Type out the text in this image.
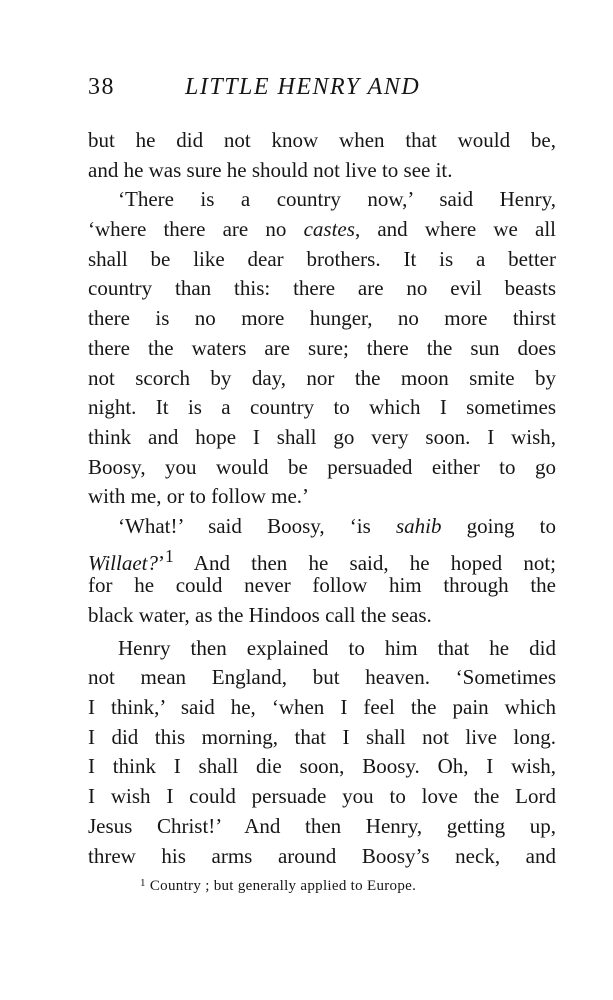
38	LITTLE HENRY AND
but he did not know when that would be,
and he was sure he should not live to see it.
‘There is a country now,’ said Henry,
‘where there are no castes, and where we all
shall be like dear brothers. It is a better
country than this: there are no evil beasts
there is no more hunger, no more thirst
there the waters are sure; there the sun does
not scorch by day, nor the moon smite by
night. It is a country to which I sometimes
think and hope I shall go very soon. I wish,
Boosy, you would be persuaded either to go
with me, or to follow me.’
‘What!’ said Boosy, ‘is sahib going to
Willaet?’$^1$ And then he said, he hoped not;
for he could never follow him through the
black water, as the Hindoos call the seas.
Henry then explained to him that he did
not mean England, but heaven. ‘Sometimes
I think,’ said he, ‘when I feel the pain which
I did this morning, that I shall not live long.
I think I shall die soon, Boosy. Oh, I wish,
I wish I could persuade you to love the Lord
Jesus Christ!’ And then Henry, getting up,
threw his arms around Boosy’s neck, and
$^1$ Country ; but generally applied to Europe.
